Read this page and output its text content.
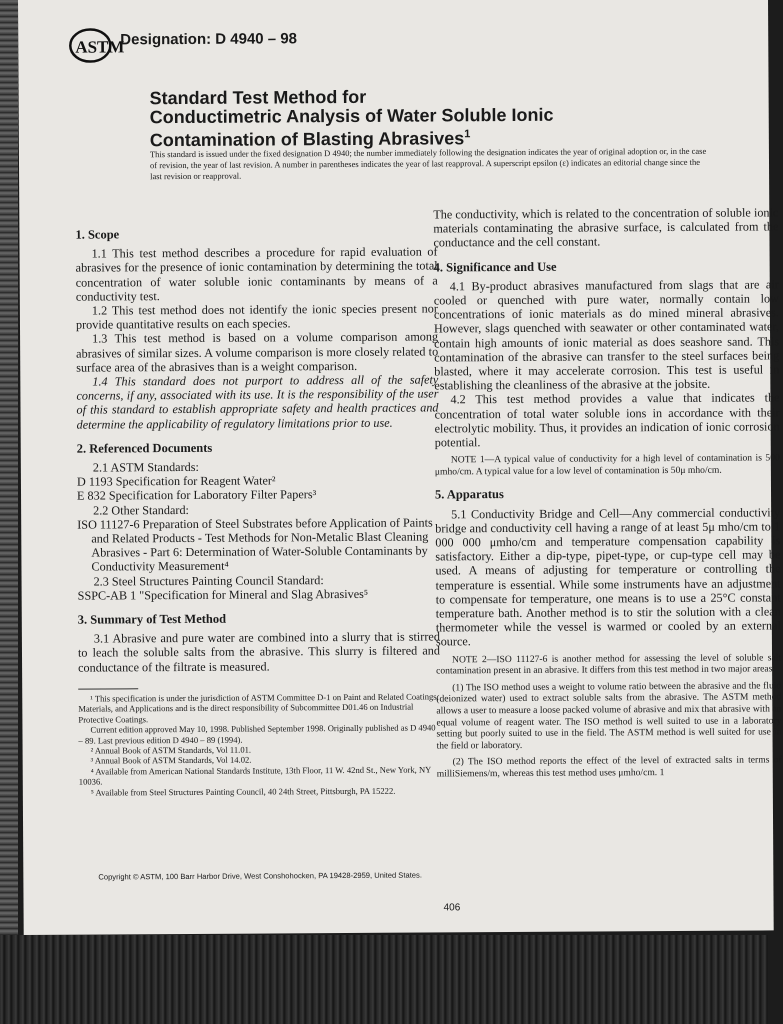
ASTM
Designation: D 4940 – 98
Standard Test Method for
Conductimetric Analysis of Water Soluble Ionic
Contamination of Blasting Abrasives$^1$
This standard is issued under the fixed designation D 4940; the number immediately following the designation indicates the year of original adoption or, in the case of revision, the year of last revision. A number in parentheses indicates the year of last reapproval. A superscript epsilon (ε) indicates an editorial change since the last revision or reapproval.
1. Scope

1.1 This test method describes a procedure for rapid evaluation of abrasives for the presence of ionic contamination by determining the total concentration of water soluble ionic contaminants by means of a conductivity test.

1.2 This test method does not identify the ionic species present nor provide quantitative results on each species.

1.3 This test method is based on a volume comparison among abrasives of similar sizes. A volume comparison is more closely related to surface area of the abrasives than is a weight comparison.

1.4 This standard does not purport to address all of the safety concerns, if any, associated with its use. It is the responsibility of the user of this standard to establish appropriate safety and health practices and determine the applicability of regulatory limitations prior to use.

2. Referenced Documents
2.1 ASTM Standards:
D 1193 Specification for Reagent Water²
E 832 Specification for Laboratory Filter Papers³
2.2 Other Standard:
ISO 11127-6 Preparation of Steel Substrates before Application of Paints and Related Products - Test Methods for Non-Metalic Blast Cleaning Abrasives - Part 6: Determination of Water-Soluble Contaminants by Conductivity Measurement⁴
2.3 Steel Structures Painting Council Standard:
SSPC-AB 1 "Specification for Mineral and Slag Abrasives⁵
3. Summary of Test Method

3.1 Abrasive and pure water are combined into a slurry that is stirred to leach the soluble salts from the abrasive. This slurry is filtered and conductance of the filtrate is measured.

¹ This specification is under the jurisdiction of ASTM Committee D-1 on Paint and Related Coatings, Materials, and Applications and is the direct responsibility of Subcommittee D01.46 on Industrial Protective Coatings.
Current edition approved May 10, 1998. Published September 1998. Originally published as D 4940 – 89. Last previous edition D 4940 – 89 (1994).
² Annual Book of ASTM Standards, Vol 11.01.
³ Annual Book of ASTM Standards, Vol 14.02.
⁴ Available from American National Standards Institute, 13th Floor, 11 W. 42nd St., New York, NY 10036.
⁵ Available from Steel Structures Painting Council, 40 24th Street, Pittsburgh, PA 15222.

The conductivity, which is related to the concentration of soluble ionic materials contaminating the abrasive surface, is calculated from the conductance and the cell constant.

4. Significance and Use

4.1 By-product abrasives manufactured from slags that are air cooled or quenched with pure water, normally contain low concentrations of ionic materials as do mined mineral abrasives. However, slags quenched with seawater or other contaminated water, contain high amounts of ionic material as does seashore sand. This contamination of the abrasive can transfer to the steel surfaces being blasted, where it may accelerate corrosion. This test is useful in establishing the cleanliness of the abrasive at the jobsite.

4.2 This test method provides a value that indicates the concentration of total water soluble ions in accordance with their electrolytic mobility. Thus, it provides an indication of ionic corrosion potential.

NOTE 1—A typical value of conductivity for a high level of contamination is 500 μmho/cm. A typical value for a low level of contamination is 50μ mho/cm.
5. Apparatus

5.1 Conductivity Bridge and Cell—Any commercial conductivity bridge and conductivity cell having a range of at least 5μ mho/cm to 1 000 000 μmho/cm and temperature compensation capability is satisfactory. Either a dip-type, pipet-type, or cup-type cell may be used. A means of adjusting for temperature or controlling the temperature is essential. While some instruments have an adjustment to compensate for temperature, one means is to use a 25°C constant temperature bath. Another method is to stir the solution with a clean thermometer while the vessel is warmed or cooled by an external source.

NOTE 2—ISO 11127-6 is another method for assessing the level of soluble salt contamination present in an abrasive. It differs from this test method in two major areas:
(1) The ISO method uses a weight to volume ratio between the abrasive and the fluid (deionized water) used to extract soluble salts from the abrasive. The ASTM method allows a user to measure a loose packed volume of abrasive and mix that abrasive with an equal volume of reagent water. The ISO method is well suited to use in a laboratory setting but poorly suited to use in the field. The ASTM method is well suited for use in the field or laboratory.
(2) The ISO method reports the effect of the level of extracted salts in terms of milliSiemens/m, whereas this test method uses μmho/cm. 1
Copyright © ASTM, 100 Barr Harbor Drive, West Conshohocken, PA 19428-2959, United States.
406
